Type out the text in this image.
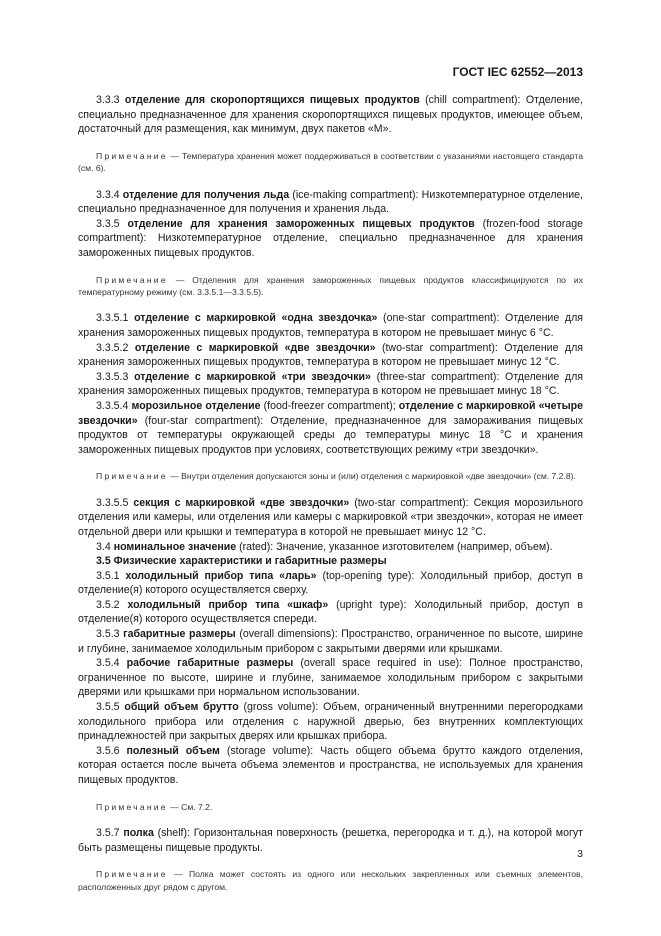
ГОСТ IEC 62552—2013

3.3.3 отделение для скоропортящихся пищевых продуктов (chill compartment): Отделение, специально предназначенное для хранения скоропортящихся пищевых продуктов, имеющее объем, достаточный для размещения, как минимум, двух пакетов «М».

Примечание — Температура хранения может поддерживаться в соответствии с указаниями настоящего стандарта (см. 6).

3.3.4 отделение для получения льда (ice-making compartment): Низкотемпературное отделение, специально предназначенное для получения и хранения льда.

3.3.5 отделение для хранения замороженных пищевых продуктов (frozen-food storage compartment): Низкотемпературное отделение, специально предназначенное для хранения замороженных пищевых продуктов.

Примечание — Отделения для хранения замороженных пищевых продуктов классифицируются по их температурному режиму (см. 3.3.5.1—3.3.5.5).

3.3.5.1 отделение с маркировкой «одна звездочка» (one-star compartment): Отделение для хранения замороженных пищевых продуктов, температура в котором не превышает минус 6 °С.

3.3.5.2 отделение с маркировкой «две звездочки» (two-star compartment): Отделение для хранения замороженных пищевых продуктов, температура в котором не превышает минус 12 °С.

3.3.5.3 отделение с маркировкой «три звездочки» (three-star compartment): Отделение для хранения замороженных пищевых продуктов, температура в котором не превышает минус 18 °С.

3.3.5.4 морозильное отделение (food-freezer compartment); отделение с маркировкой «четыре звездочки» (four-star compartment): Отделение, предназначенное для замораживания пищевых продуктов от температуры окружающей среды до температуры минус 18 °С и хранения замороженных пищевых продуктов при условиях, соответствующих режиму «три звездочки».

Примечание — Внутри отделения допускаются зоны и (или) отделения с маркировкой «две звездочки» (см. 7.2.8).

3.3.5.5 секция с маркировкой «две звездочки» (two-star compartment): Секция морозильного отделения или камеры, или отделения или камеры с маркировкой «три звездочки», которая не имеет отдельной двери или крышки и температура в которой не превышает минус 12 °С.

3.4 номинальное значение (rated): Значение, указанное изготовителем (например, объем).

3.5 Физические характеристики и габаритные размеры

3.5.1 холодильный прибор типа «ларь» (top-opening type): Холодильный прибор, доступ в отделение(я) которого осуществляется сверху.

3.5.2 холодильный прибор типа «шкаф» (upright type): Холодильный прибор, доступ в отделение(я) которого осуществляется спереди.

3.5.3 габаритные размеры (overall dimensions): Пространство, ограниченное по высоте, ширине и глубине, занимаемое холодильным прибором с закрытыми дверями или крышками.

3.5.4 рабочие габаритные размеры (overall space required in use): Полное пространство, ограниченное по высоте, ширине и глубине, занимаемое холодильным прибором с закрытыми дверями или крышками при нормальном использовании.

3.5.5 общий объем брутто (gross volume): Объем, ограниченный внутренними перегородками холодильного прибора или отделения с наружной дверью, без внутренних комплектующих принадлежностей при закрытых дверях или крышках прибора.

3.5.6 полезный объем (storage volume): Часть общего объема брутто каждого отделения, которая остается после вычета объема элементов и пространства, не используемых для хранения пищевых продуктов.

Примечание — См. 7.2.

3.5.7 полка (shelf): Горизонтальная поверхность (решетка, перегородка и т. д.), на которой могут быть размещены пищевые продукты.

Примечание — Полка может состоять из одного или нескольких закрепленных или съемных элементов, расположенных друг рядом с другом.

3
